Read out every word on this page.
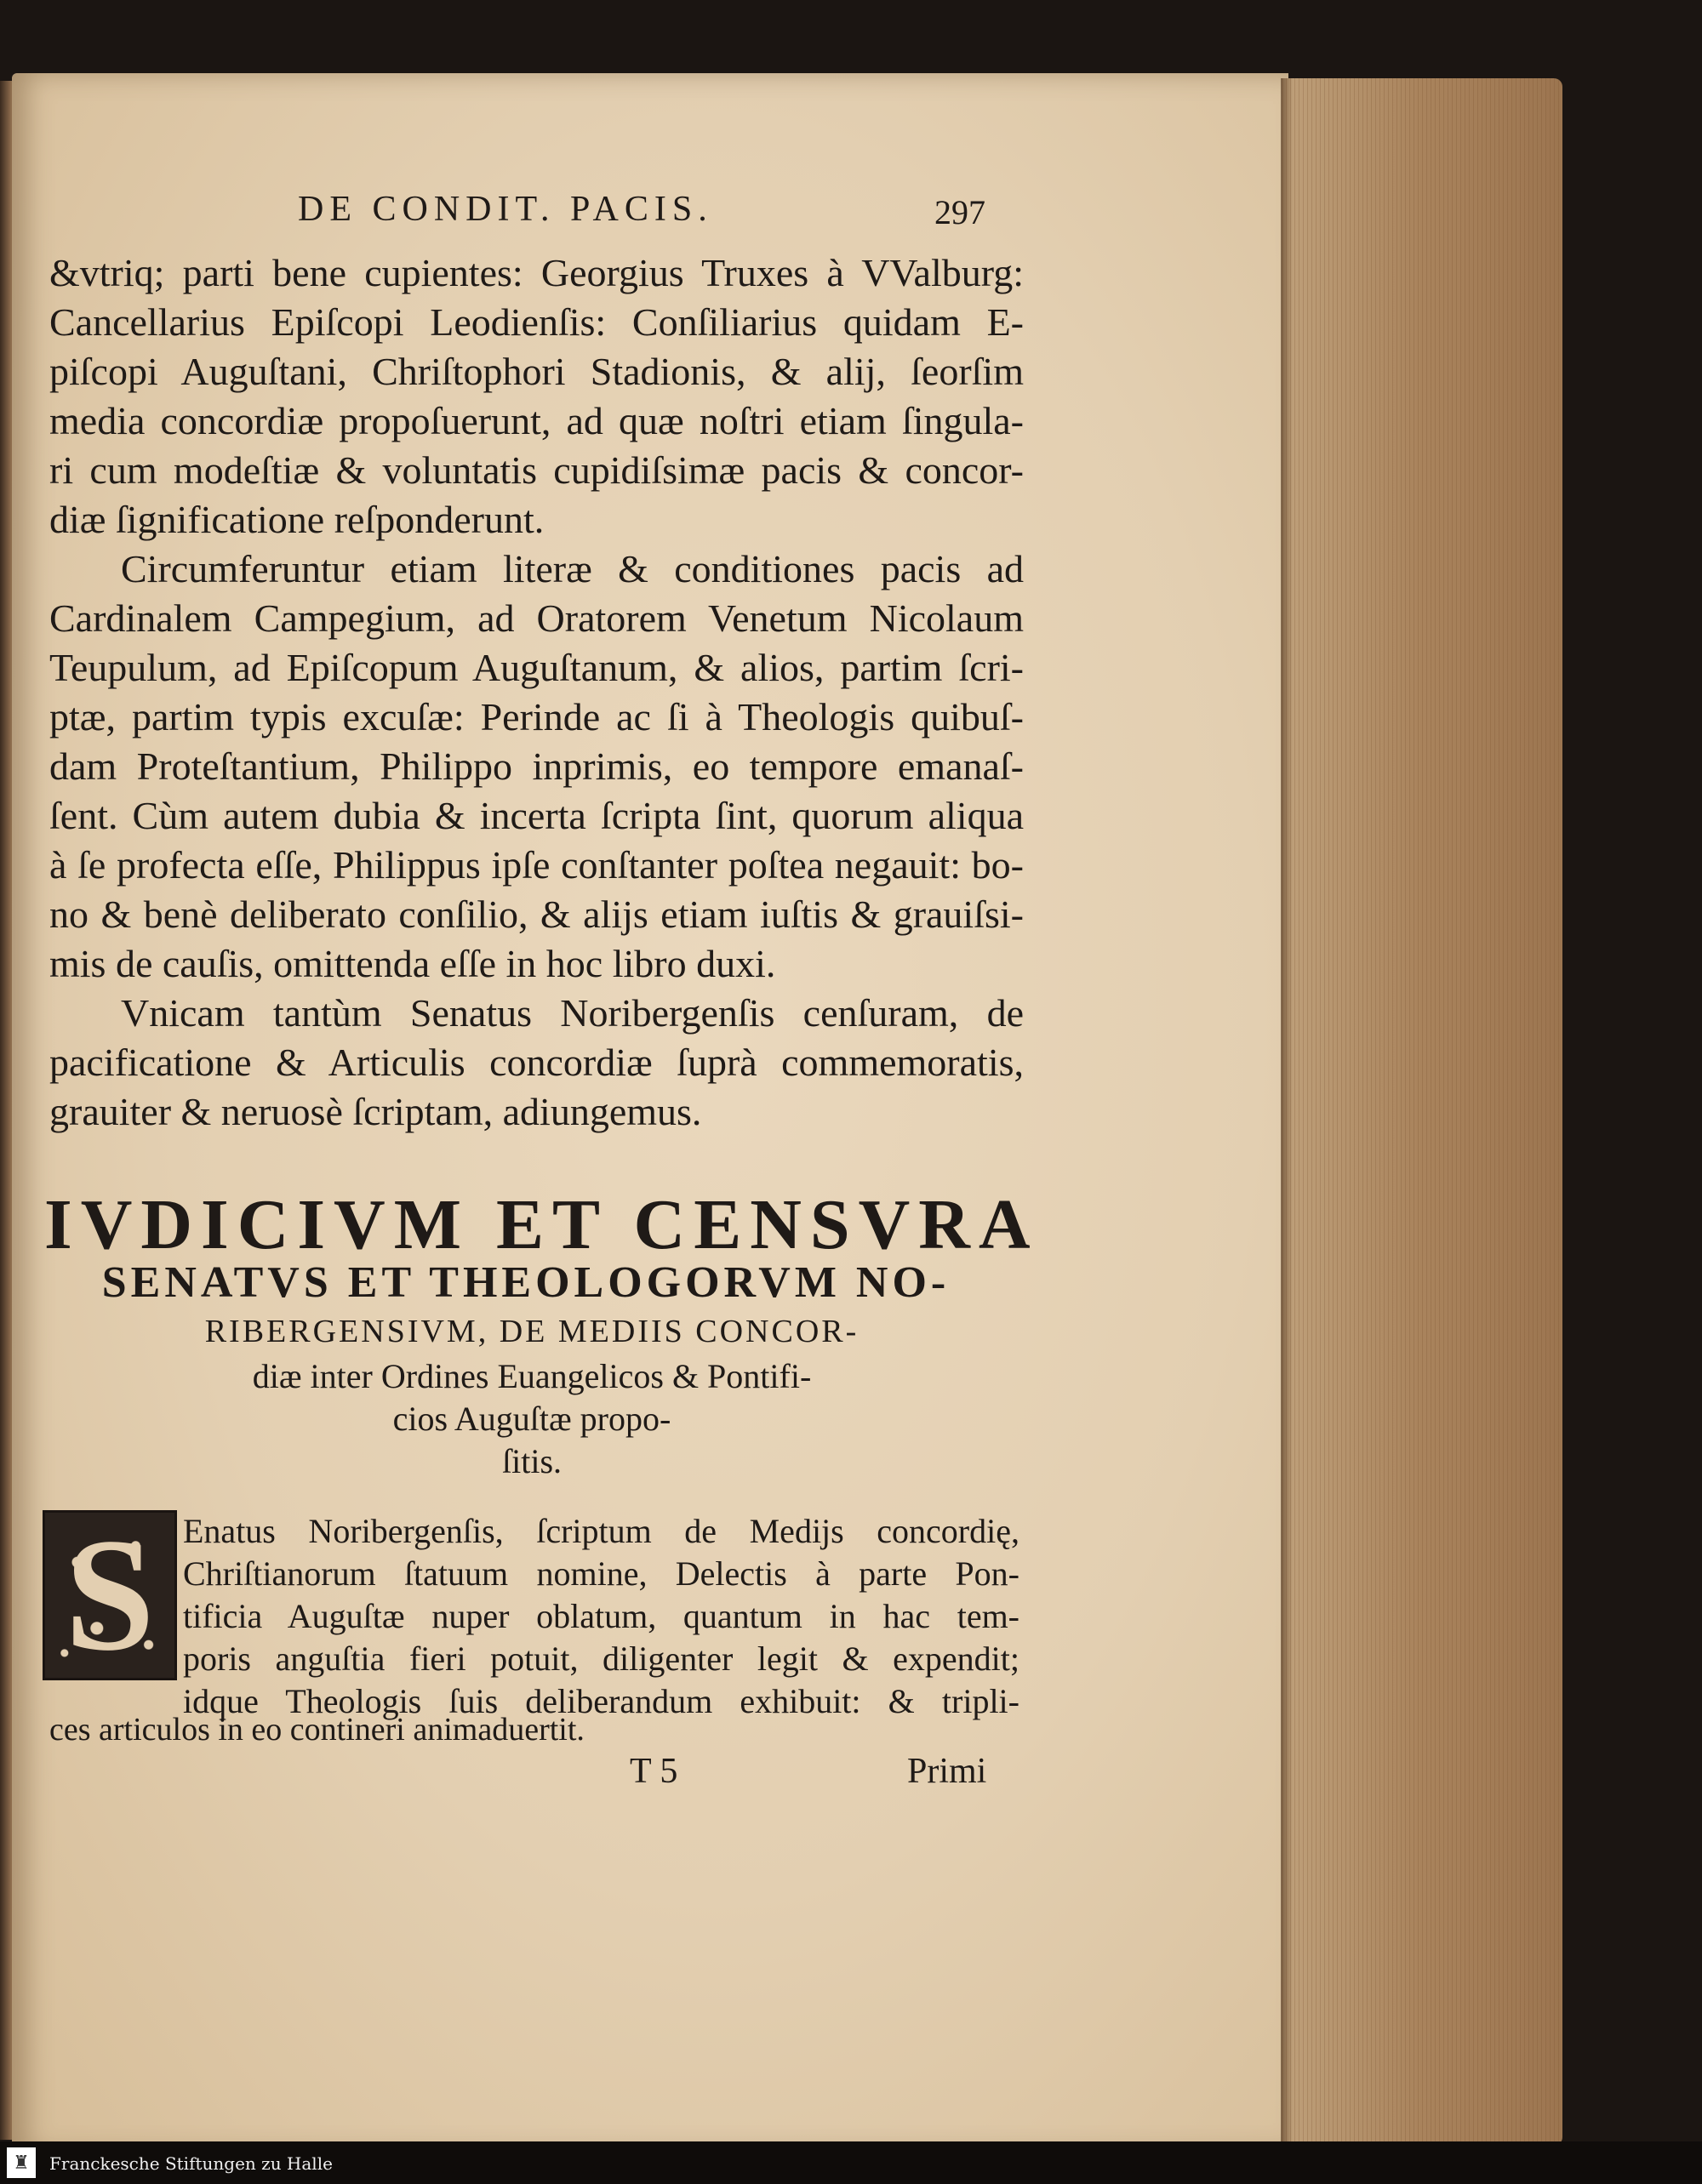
DE CONDIT. PACIS.	297
&vtriq; parti bene cupientes: Georgius Truxes à VValburg:
Cancellarius Epiſcopi Leodienſis: Conſiliarius quidam E-
piſcopi Auguſtani, Chriſtophori Stadionis, & alij, ſeorſim
media concordiæ propoſuerunt, ad quæ noſtri etiam ſingula-
ri cum modeſtiæ & voluntatis cupidiſsimæ pacis & concor-
diæ ſignificatione reſponderunt.
Circumferuntur etiam literæ & conditiones pacis ad
Cardinalem Campegium, ad Oratorem Venetum Nicolaum
Teupulum, ad Epiſcopum Auguſtanum, & alios, partim ſcri-
ptæ, partim typis excuſæ: Perinde ac ſi à Theologis quibuſ-
dam Proteſtantium, Philippo inprimis, eo tempore emanaſ-
ſent. Cùm autem dubia & incerta ſcripta ſint, quorum aliqua
à ſe profecta eſſe, Philippus ipſe conſtanter poſtea negauit: bo-
no & benè deliberato conſilio, & alijs etiam iuſtis & grauiſsi-
mis de cauſis, omittenda eſſe in hoc libro duxi.
Vnicam tantùm Senatus Noribergenſis cenſuram, de
pacificatione & Articulis concordiæ ſuprà commemoratis,
grauiter & neruosè ſcriptam, adiungemus.
IVDICIVM ET CENSVRA
SENATVS ET THEOLOGORVM NO-
RIBERGENSIVM, DE MEDIIS CONCOR-
diæ inter Ordines Euangelicos & Pontifi-
cios Auguſtæ propo-
ſitis.
S Enatus Noribergenſis, ſcriptum de Medijs concordię,
Chriſtianorum ſtatuum nomine, Delectis à parte Pon-
tificia Auguſtæ nuper oblatum, quantum in hac tem-
poris anguſtia fieri potuit, diligenter legit & expendit;
idque Theologis ſuis deliberandum exhibuit: & tripli-
ces articulos in eo contineri animaduertit.
T 5	Primi
♜	Franckesche Stiftungen zu Halle
